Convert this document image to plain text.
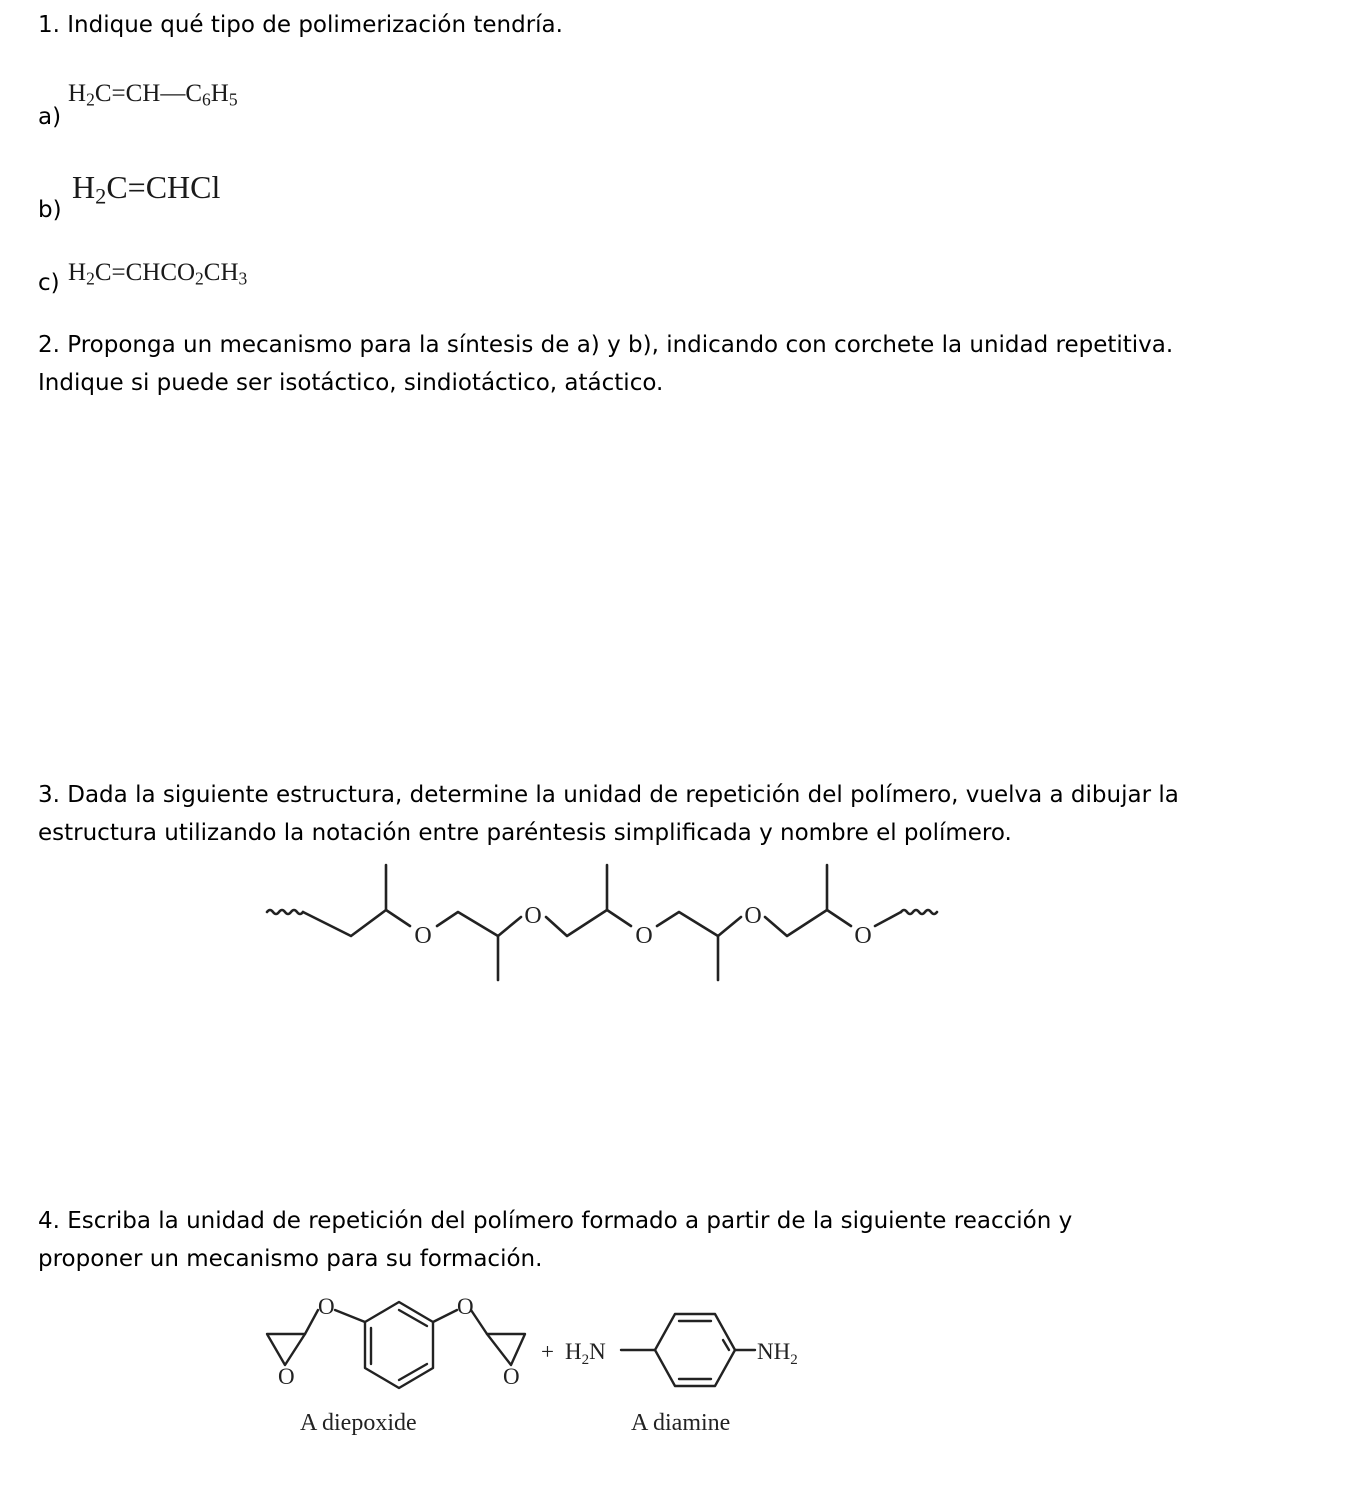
1. Indique qué tipo de polimerización tendría.

a)
$H_2C=CH—C_6H_5$
b)
$H_2C=CHCl$
c) $H_2C=CHCO_2CH_3$

2. Proponga un mecanismo para la síntesis de a) y b), indicando con corchete la unidad repetitiva.

Indique si puede ser isotáctico, sindiotáctico, atáctico.

3. Dada la siguiente estructura, determine la unidad de repetición del polímero, vuelva a dibujar la

estructura utilizando la notación entre paréntesis simplificada y nombre el polímero.

O
O
O
O
O

4. Escriba la unidad de repetición del polímero formado a partir de la siguiente reacción y

proponer un mecanismo para su formación.

O
O	O
O
+ $H_2N$	$NH_2$
A diepoxide	A diamine
